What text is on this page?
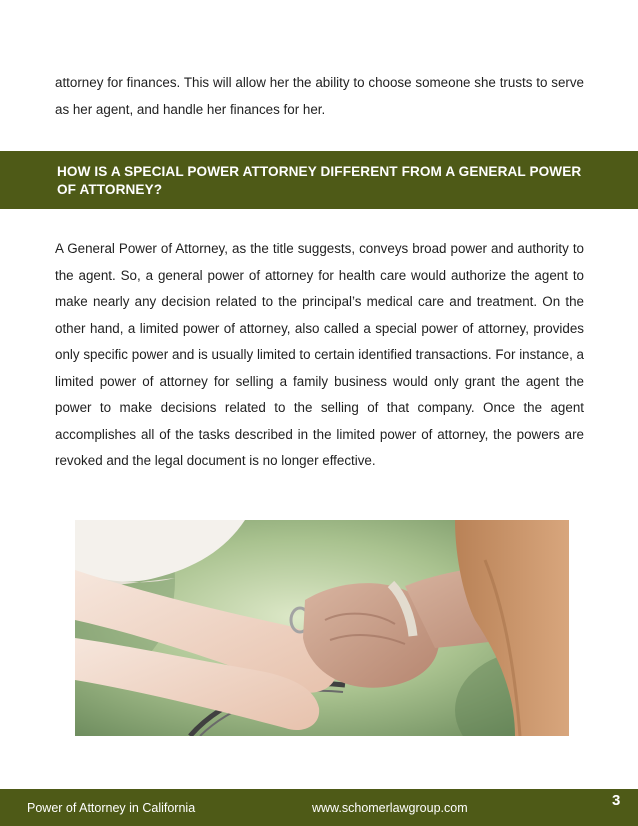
attorney for finances. This will allow her the ability to choose someone she trusts to serve as her agent, and handle her finances for her.

HOW IS A SPECIAL POWER ATTORNEY DIFFERENT FROM A GENERAL POWER OF ATTORNEY?

A General Power of Attorney, as the title suggests, conveys broad power and authority to the agent. So, a general power of attorney for health care would authorize the agent to make nearly any decision related to the principal’s medical care and treatment. On the other hand, a limited power of attorney, also called a special power of attorney, provides only specific power and is usually limited to certain identified transactions. For instance, a limited power of attorney for selling a family business would only grant the agent the power to make decisions related to the selling of that company. Once the agent accomplishes all of the tasks described in the limited power of attorney, the powers are revoked and the legal document is no longer effective.

Power of Attorney in California	www.schomerlawgroup.com	3
